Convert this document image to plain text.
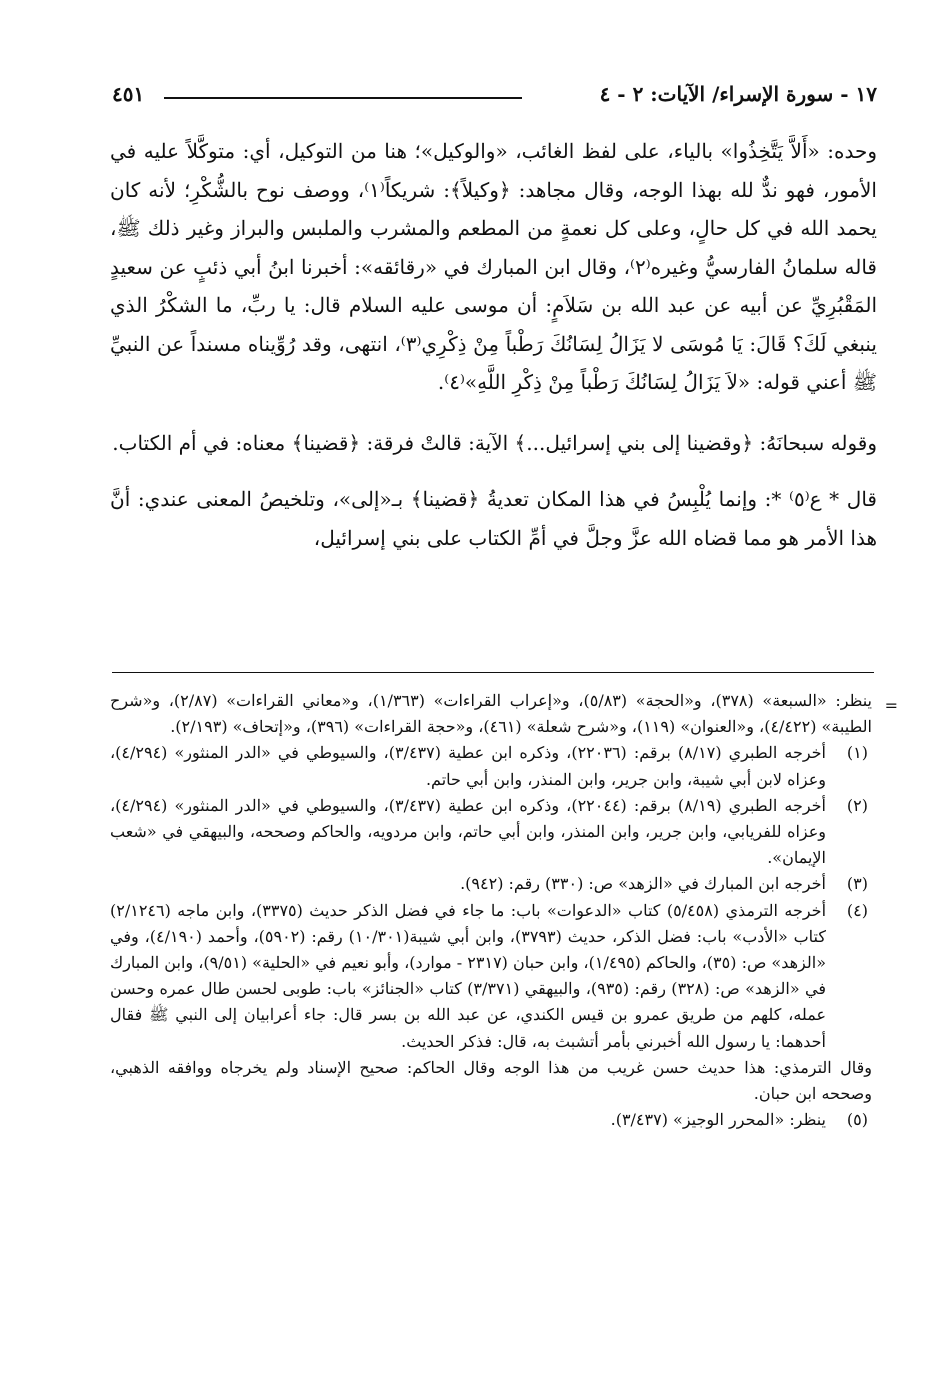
١٧ - سورة الإسراء/ الآيات: ٢ - ٤
٤٥١

وحده: «أَلاَّ يَتَّخِذُوا» بالياء، على لفظ الغائب، «والوكيل»؛ هنا من التوكيل، أي: متوكَّلاً عليه في الأمور، فهو ندٌّ لله بهذا الوجه، وقال مجاهد: ﴿وكيلاً﴾: شريكاً⁽١⁾، ووصف نوح بالشُّكْرِ؛ لأنه كان يحمد الله في كل حالٍ، وعلى كل نعمةٍ من المطعم والمشرب والملبس والبراز وغير ذلك ﷺ، قاله سلمانُ الفارسيُّ وغيره⁽٢⁾، وقال ابن المبارك في «رقائقه»: أخبرنا ابنُ أبي ذئبٍ عن سعيدٍ المَقْبُرِيِّ عن أبيه عن عبد الله بن سَلاَمٍ: أن موسى عليه السلام قال: يا ربِّ، ما الشكْرُ الذي ينبغي لَكَ؟ قَالَ: يَا مُوسَى لا يَزَالُ لِسَانُكَ رَطْباً مِنْ ذِكْرِي⁽٣⁾، انتهى، وقد رُوِّيناه مسنداً عن النبيِّ ﷺ أعني قوله: «لاَ يَزَالُ لِسَانُكَ رَطْباً مِنْ ذِكْرِ اللَّهِ»⁽٤⁾.

وقوله سبحانَهُ: ﴿وقضينا إلى بني إسرائيل...﴾ الآية: قالتْ فرقة: ﴿قضينا﴾ معناه: في أم الكتاب.

قال * ع⁽٥⁾ *: وإنما يُلْبِسُ في هذا المكان تعديةُ ﴿قضينا﴾ بـ«إلى»، وتلخيصُ المعنى عندي: أنَّ هذا الأمر هو مما قضاه الله عزَّ وجلَّ في أمِّ الكتاب على بني إسرائيل،

=

ينظر: «السبعة» (٣٧٨)، و«الحجة» (٥/٨٣)، و«إعراب القراءات» (١/٣٦٣)، و«معاني القراءات» (٢/٨٧)، و«شرح الطيبة» (٤/٤٢٢)، و«العنوان» (١١٩)، و«شرح شعلة» (٤٦١)، و«حجة القراءات» (٣٩٦)، و«إتحاف» (٢/١٩٣).

(١)

أخرجه الطبري (٨/١٧) برقم: (٢٢٠٣٦)، وذكره ابن عطية (٣/٤٣٧)، والسيوطي في «الدر المنثور» (٤/٢٩٤)، وعزاه لابن أبي شيبة، وابن جرير، وابن المنذر، وابن أبي حاتم.

(٢)

أخرجه الطبري (٨/١٩) برقم: (٢٢٠٤٤)، وذكره ابن عطية (٣/٤٣٧)، والسيوطي في «الدر المنثور» (٤/٢٩٤)، وعزاه للفريابي، وابن جرير، وابن المنذر، وابن أبي حاتم، وابن مردويه، والحاكم وصححه، والبيهقي في «شعب الإيمان».

(٣)

أخرجه ابن المبارك في «الزهد» ص: (٣٣٠) رقم: (٩٤٢).

(٤)

أخرجه الترمذي (٥/٤٥٨) كتاب «الدعوات» باب: ما جاء في فضل الذكر حديث (٣٣٧٥)، وابن ماجه (٢/١٢٤٦) كتاب «الأدب» باب: فضل الذكر، حديث (٣٧٩٣)، وابن أبي شيبة(١٠/٣٠١) رقم: (٥٩٠٢)، وأحمد (٤/١٩٠)، وفي «الزهد» ص: (٣٥)، والحاكم (١/٤٩٥)، وابن حبان (٢٣١٧ - موارد)، وأبو نعيم في «الحلية» (٩/٥١)، وابن المبارك في «الزهد» ص: (٣٢٨) رقم: (٩٣٥)، والبيهقي (٣/٣٧١) كتاب «الجنائز» باب: طوبى لحسن طال عمره وحسن عمله، كلهم من طريق عمرو بن قيس الكندي، عن عبد الله بن بسر قال: جاء أعرابيان إلى النبي ﷺ فقال أحدهما: يا رسول الله أخبرني بأمر أتشبث به، قال: فذكر الحديث.

وقال الترمذي: هذا حديث حسن غريب من هذا الوجه وقال الحاكم: صحيح الإسناد ولم يخرجاه ووافقه الذهبي، وصححه ابن حبان.

(٥)

ينظر: «المحرر الوجيز» (٣/٤٣٧).
